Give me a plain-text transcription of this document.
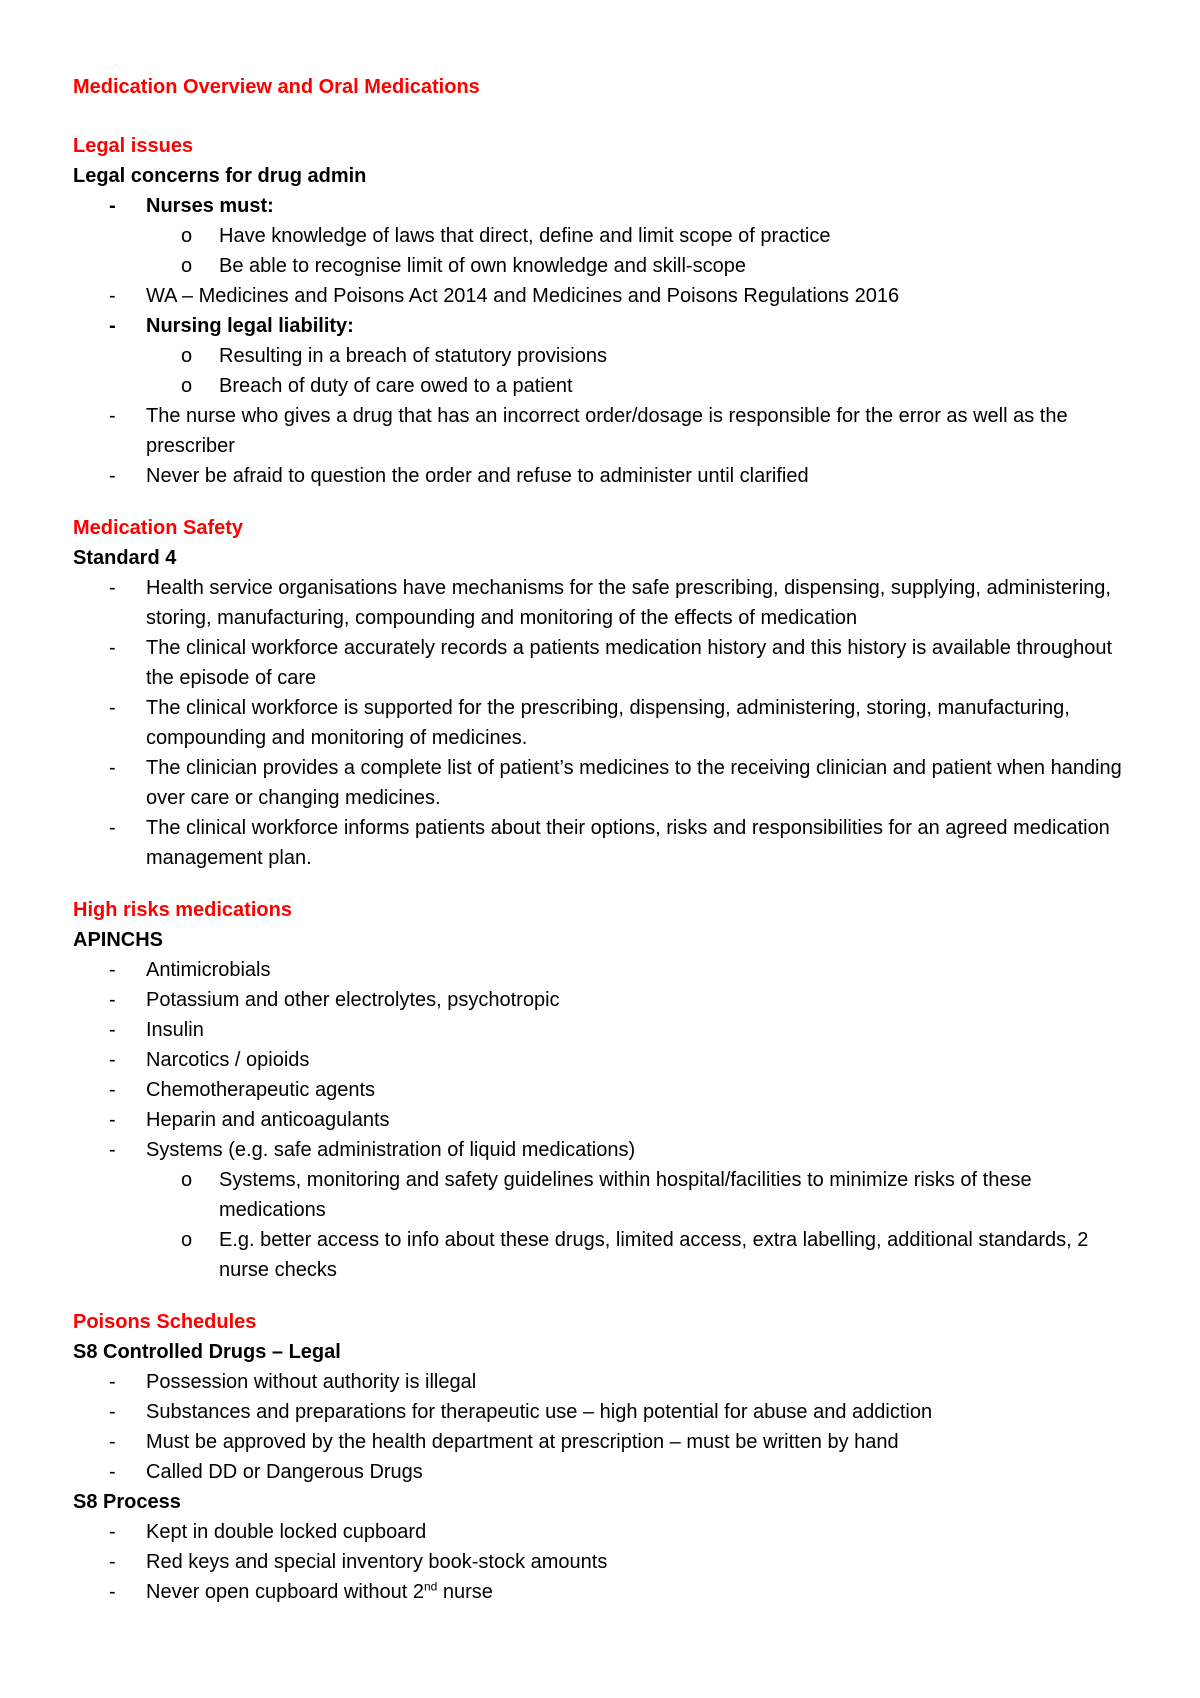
Medication Overview and Oral Medications
Legal issues
Legal concerns for drug admin
-	Nurses must:
o	Have knowledge of laws that direct, define and limit scope of practice
o	Be able to recognise limit of own knowledge and skill-scope
-	WA – Medicines and Poisons Act 2014 and Medicines and Poisons Regulations 2016
-	Nursing legal liability:
o	Resulting in a breach of statutory provisions
o	Breach of duty of care owed to a patient
-	The nurse who gives a drug that has an incorrect order/dosage is responsible for the error as well as the prescriber
-	Never be afraid to question the order and refuse to administer until clarified
Medication Safety
Standard 4
-	Health service organisations have mechanisms for the safe prescribing, dispensing, supplying, administering, storing, manufacturing, compounding and monitoring of the effects of medication
-	The clinical workforce accurately records a patients medication history and this history is available throughout the episode of care
-	The clinical workforce is supported for the prescribing, dispensing, administering, storing, manufacturing, compounding and monitoring of medicines.
-	The clinician provides a complete list of patient’s medicines to the receiving clinician and patient when handing over care or changing medicines.
-	The clinical workforce informs patients about their options, risks and responsibilities for an agreed medication management plan.
High risks medications
APINCHS
-	Antimicrobials
-	Potassium and other electrolytes, psychotropic
-	Insulin
-	Narcotics / opioids
-	Chemotherapeutic agents
-	Heparin and anticoagulants
-	Systems (e.g. safe administration of liquid medications)
o	Systems, monitoring and safety guidelines within hospital/facilities to minimize risks of these medications
o	E.g. better access to info about these drugs, limited access, extra labelling, additional standards, 2 nurse checks
Poisons Schedules
S8 Controlled Drugs – Legal
-	Possession without authority is illegal
-	Substances and preparations for therapeutic use – high potential for abuse and addiction
-	Must be approved by the health department at prescription – must be written by hand
-	Called DD or Dangerous Drugs
S8 Process
-	Kept in double locked cupboard
-	Red keys and special inventory book-stock amounts
-	Never open cupboard without 2nd nurse
